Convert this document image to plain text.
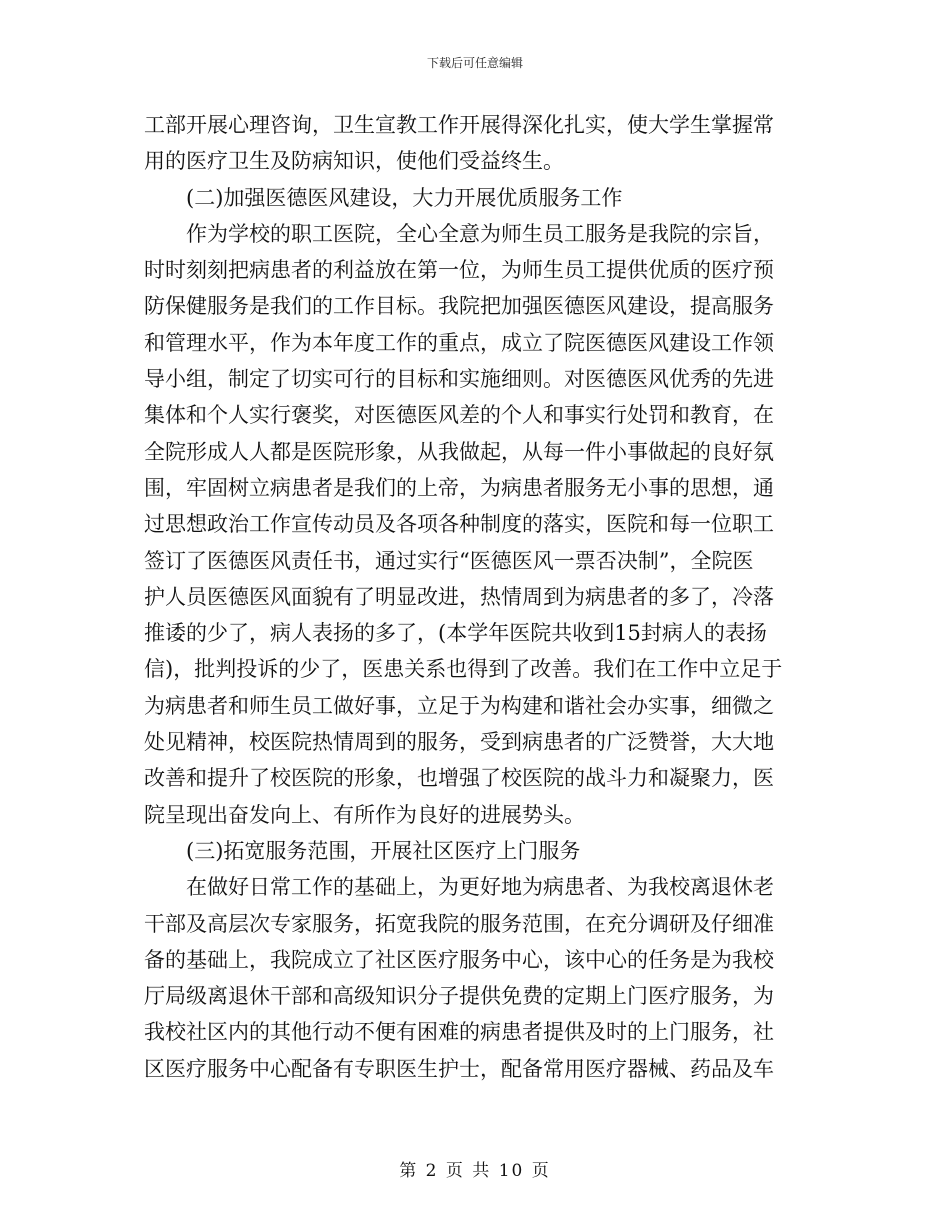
下载后可任意编辑
工部开展心理咨询，卫生宣教工作开展得深化扎实，使大学生掌握常
用的医疗卫生及防病知识，使他们受益终生。
(二)加强医德医风建设，大力开展优质服务工作
作为学校的职工医院，全心全意为师生员工服务是我院的宗旨，
时时刻刻把病患者的利益放在第一位，为师生员工提供优质的医疗预
防保健服务是我们的工作目标。我院把加强医德医风建设，提高服务
和管理水平，作为本年度工作的重点，成立了院医德医风建设工作领
导小组，制定了切实可行的目标和实施细则。对医德医风优秀的先进
集体和个人实行褒奖，对医德医风差的个人和事实行处罚和教育，在
全院形成人人都是医院形象，从我做起，从每一件小事做起的良好氛
围，牢固树立病患者是我们的上帝，为病患者服务无小事的思想，通
过思想政治工作宣传动员及各项各种制度的落实，医院和每一位职工
签订了医德医风责任书，通过实行“医德医风一票否决制”，全院医
护人员医德医风面貌有了明显改进，热情周到为病患者的多了，冷落
推诿的少了，病人表扬的多了，(本学年医院共收到15封病人的表扬
信)，批判投诉的少了，医患关系也得到了改善。我们在工作中立足于
为病患者和师生员工做好事，立足于为构建和谐社会办实事，细微之
处见精神，校医院热情周到的服务，受到病患者的广泛赞誉，大大地
改善和提升了校医院的形象，也增强了校医院的战斗力和凝聚力，医
院呈现出奋发向上、有所作为良好的进展势头。
(三)拓宽服务范围，开展社区医疗上门服务
在做好日常工作的基础上，为更好地为病患者、为我校离退休老
干部及高层次专家服务，拓宽我院的服务范围，在充分调研及仔细准
备的基础上，我院成立了社区医疗服务中心，该中心的任务是为我校
厅局级离退休干部和高级知识分子提供免费的定期上门医疗服务，为
我校社区内的其他行动不便有困难的病患者提供及时的上门服务，社
区医疗服务中心配备有专职医生护士，配备常用医疗器械、药品及车
第 2 页 共 10 页
